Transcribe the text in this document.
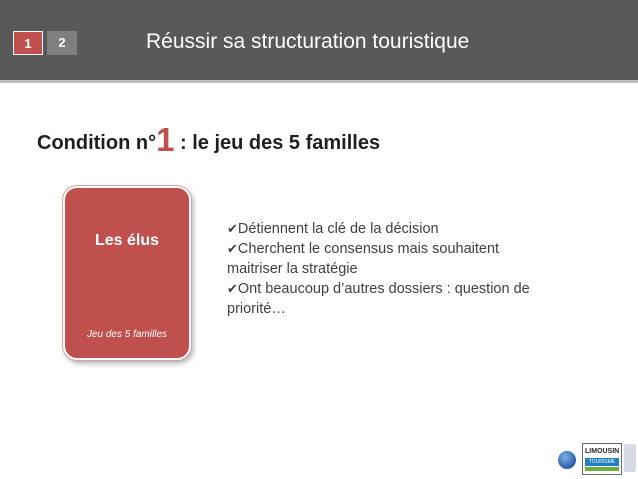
1	2	Réussir sa structuration touristique
Condition n°1 : le jeu des 5 familles
Les élus
Jeu des 5 familles

✔Détiennent la clé de la décision

✔Cherchent le consensus mais souhaitent maitriser la stratégie

✔Ont beaucoup d’autres dossiers : question de priorité…

LIMOUSIN
TOURISME
